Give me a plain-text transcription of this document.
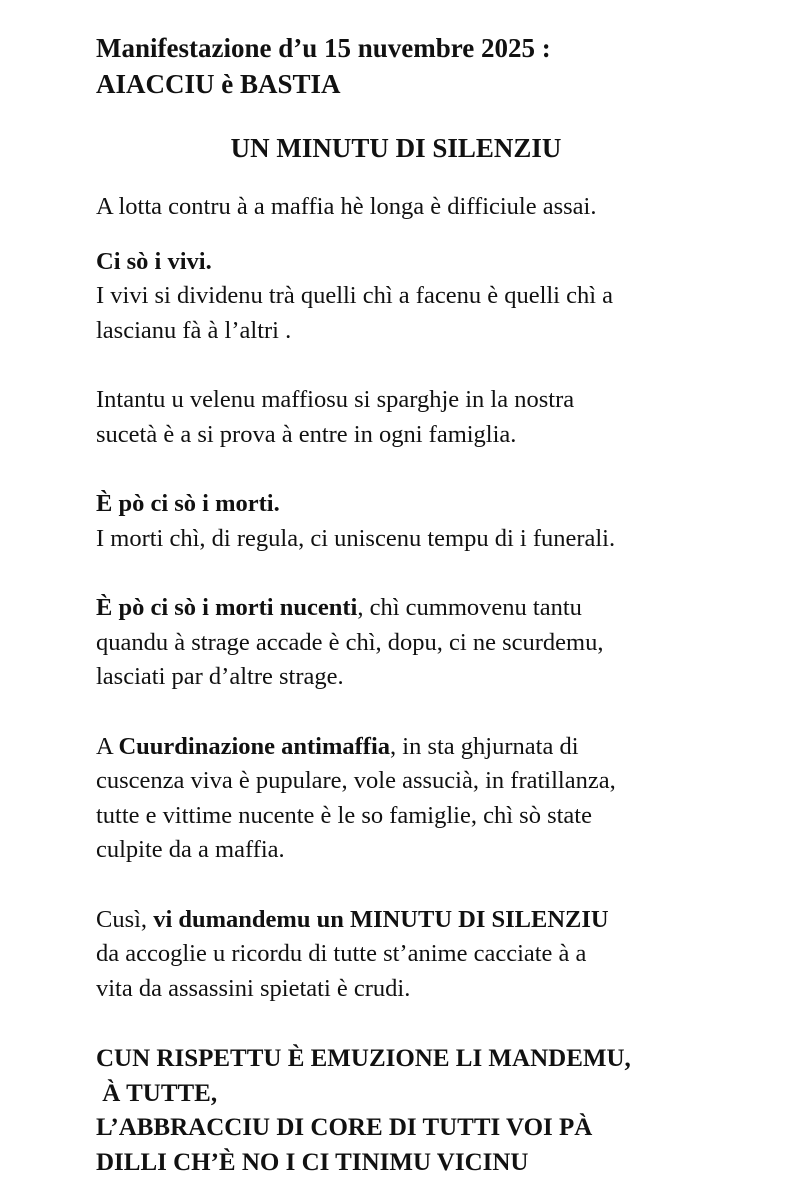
Manifestazione d’u 15 nuvembre 2025 :
AIACCIU è BASTIA
UN MINUTU DI SILENZIU

A lotta contru à a maffia hè longa è difficiule assai.

Ci sò i vivi.
I vivi si dividenu trà quelli chì a facenu è quelli chì a
lascianu fà à l’altri .

Intantu u velenu maffiosu si sparghje in la nostra
sucetà è a si prova à entre in ogni famiglia.

È pò ci sò i morti.
I morti chì, di regula, ci uniscenu tempu di i funerali.

È pò ci sò i morti nucenti, chì cummovenu tantu
quandu à strage accade è chì, dopu, ci ne scurdemu,
lasciati par d’altre strage.

A Cuurdinazione antimaffia, in sta ghjurnata di
cuscenza viva è pupulare, vole assucià, in fratillanza,
tutte e vittime nucente è le so famiglie, chì sò state
culpite da a maffia.

Cusì, vi dumandemu un MINUTU DI SILENZIU
da accoglie u ricordu di tutte st’anime cacciate à a
vita da assassini spietati è crudi.

CUN RISPETTU È EMUZIONE LI MANDEMU,
À TUTTE,
L’ABBRACCIU DI CORE DI TUTTI VOI PÀ
DILLI CH’È NO I CI TINIMU VICINU
